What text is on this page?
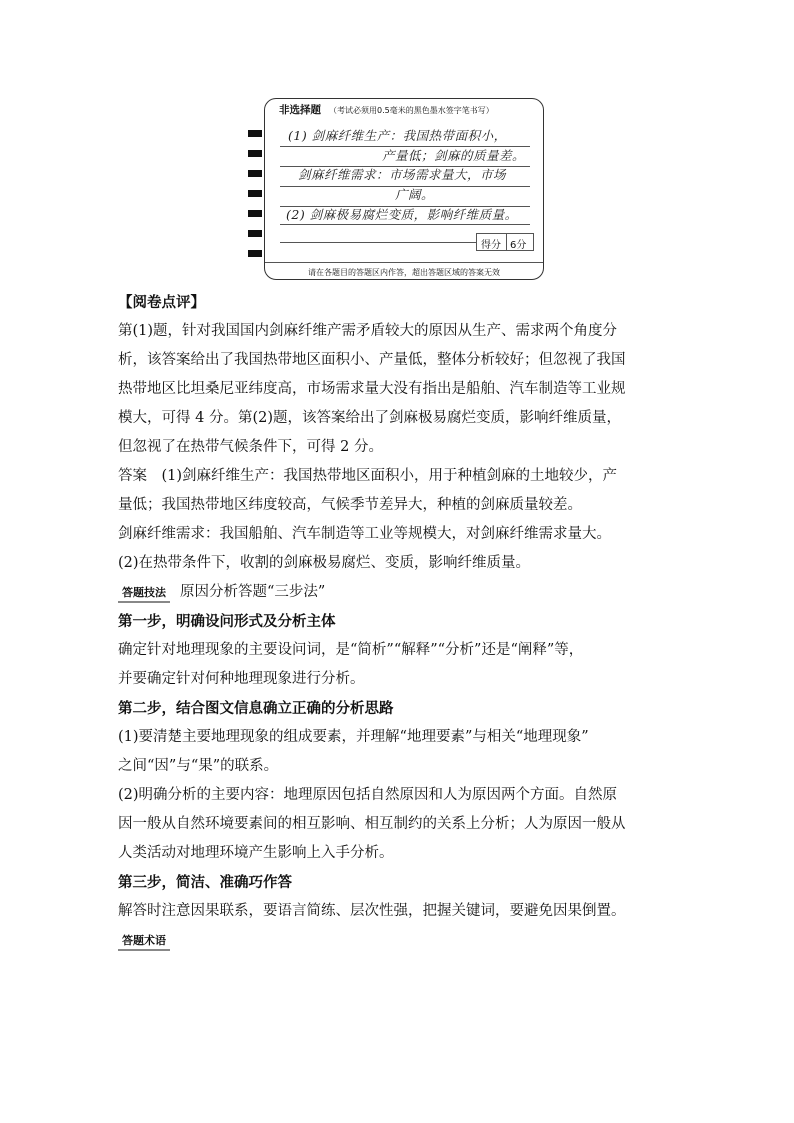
非选择题 （考试必须用0.5毫米的黑色墨水签字笔书写）
请在各题目的答题区内作答，超出答题区域的答案无效
(1) 剑麻纤维生产：我国热带面积小，
产量低；剑麻的质量差。
剑麻纤维需求：市场需求量大，市场
广阔。
(2) 剑麻极易腐烂变质，影响纤维质量。
得分 6分

【阅卷点评】

第(1)题，针对我国国内剑麻纤维产需矛盾较大的原因从生产、需求两个角度分

析，该答案给出了我国热带地区面积小、产量低，整体分析较好；但忽视了我国

热带地区比坦桑尼亚纬度高，市场需求量大没有指出是船舶、汽车制造等工业规

模大，可得 4 分。第(2)题，该答案给出了剑麻极易腐烂变质，影响纤维质量，

但忽视了在热带气候条件下，可得 2 分。

答案　(1)剑麻纤维生产：我国热带地区面积小，用于种植剑麻的土地较少，产

量低；我国热带地区纬度较高，气候季节差异大，种植的剑麻质量较差。

剑麻纤维需求：我国船舶、汽车制造等工业等规模大，对剑麻纤维需求量大。

(2)在热带条件下，收割的剑麻极易腐烂、变质，影响纤维质量。

答题技法 原因分析答题“三步法”

第一步，明确设问形式及分析主体

确定针对地理现象的主要设问词，是“简析”“解释”“分析”还是“阐释”等，

并要确定针对何种地理现象进行分析。

第二步，结合图文信息确立正确的分析思路

(1)要清楚主要地理现象的组成要素，并理解“地理要素”与相关“地理现象”

之间“因”与“果”的联系。

(2)明确分析的主要内容：地理原因包括自然原因和人为原因两个方面。自然原

因一般从自然环境要素间的相互影响、相互制约的关系上分析；人为原因一般从

人类活动对地理环境产生影响上入手分析。

第三步，简洁、准确巧作答

解答时注意因果联系，要语言简练、层次性强，把握关键词，要避免因果倒置。

答题术语
